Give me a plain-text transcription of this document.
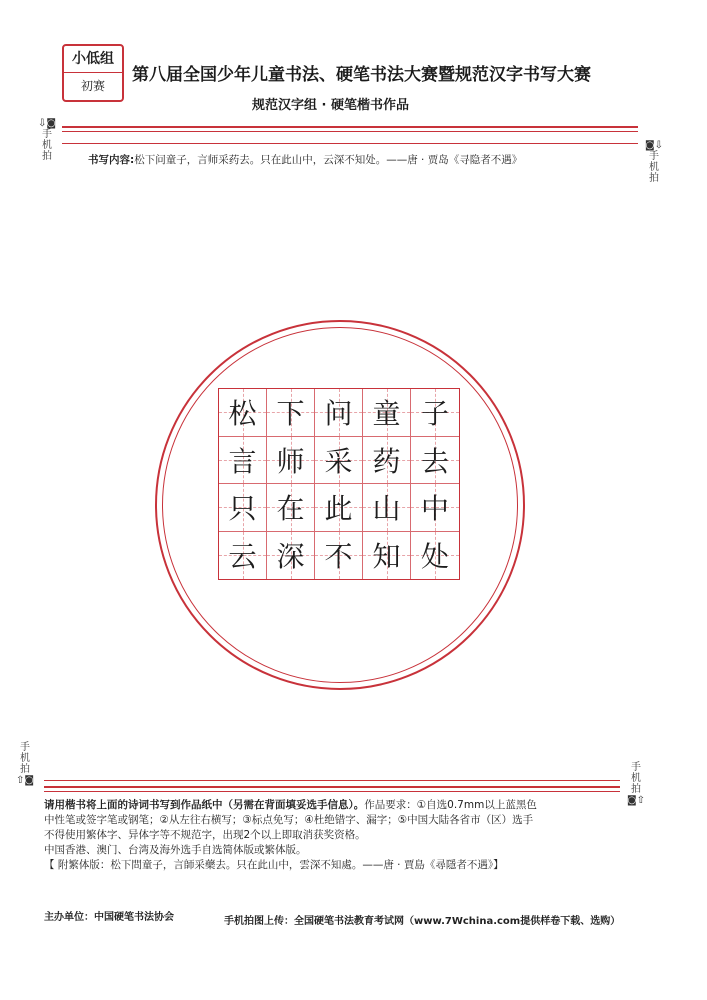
小低组
初赛
第八届全国少年儿童书法、硬笔书法大赛暨规范汉字书写大赛
规范汉字组 · 硬笔楷书作品
⇩◙
手机拍
◙⇩
手机拍
书写内容:松下问童子，言师采药去。只在此山中，云深不知处。——唐 · 贾岛《寻隐者不遇》
松 下 问 童 子
言 师 采 药 去
只 在 此 山 中
云 深 不 知 处
手机拍
⇧◙
手机拍
◙⇧
请用楷书将上面的诗词书写到作品纸中（另需在背面填妥选手信息）。作品要求：①自选0.7mm以上蓝黑色
中性笔或签字笔或钢笔；②从左往右横写；③标点免写；④杜绝错字、漏字；⑤中国大陆各省市（区）选手
不得使用繁体字、异体字等不规范字，出现2个以上即取消获奖资格。
中国香港、澳门、台湾及海外选手自选简体版或繁体版。
【 附繁体版：松下問童子，言師采藥去。只在此山中，雲深不知處。——唐 · 賈島《尋隱者不遇》】
主办单位：中国硬笔书法协会	手机拍图上传：全国硬笔书法教育考试网（www.7Wchina.com提供样卷下载、选购）
